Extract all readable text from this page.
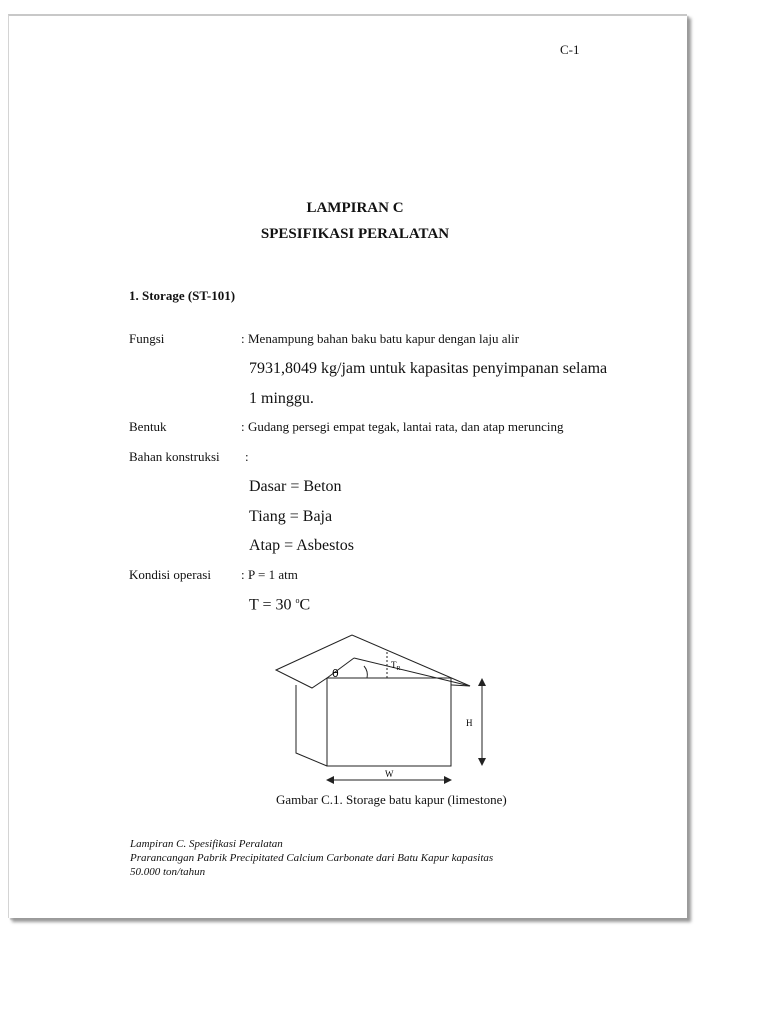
C-1
LAMPIRAN C
SPESIFIKASI PERALATAN
1. Storage (ST-101)
Fungsi	: Menampung bahan baku batu kapur dengan laju alir
7931,8049 kg/jam untuk kapasitas penyimpanan selama
1 minggu.
Bentuk	: Gudang persegi empat tegak, lantai rata, dan atap meruncing
Bahan konstruksi :
Dasar = Beton
Tiang = Baja
Atap = Asbestos
Kondisi operasi : P = 1 atm
T = 30 $^o$C
θ
$T_R$
H
W
Gambar C.1. Storage batu kapur (limestone)
Lampiran C. Spesifikasi Peralatan
Prarancangan Pabrik Precipitated Calcium Carbonate dari Batu Kapur kapasitas
50.000 ton/tahun
